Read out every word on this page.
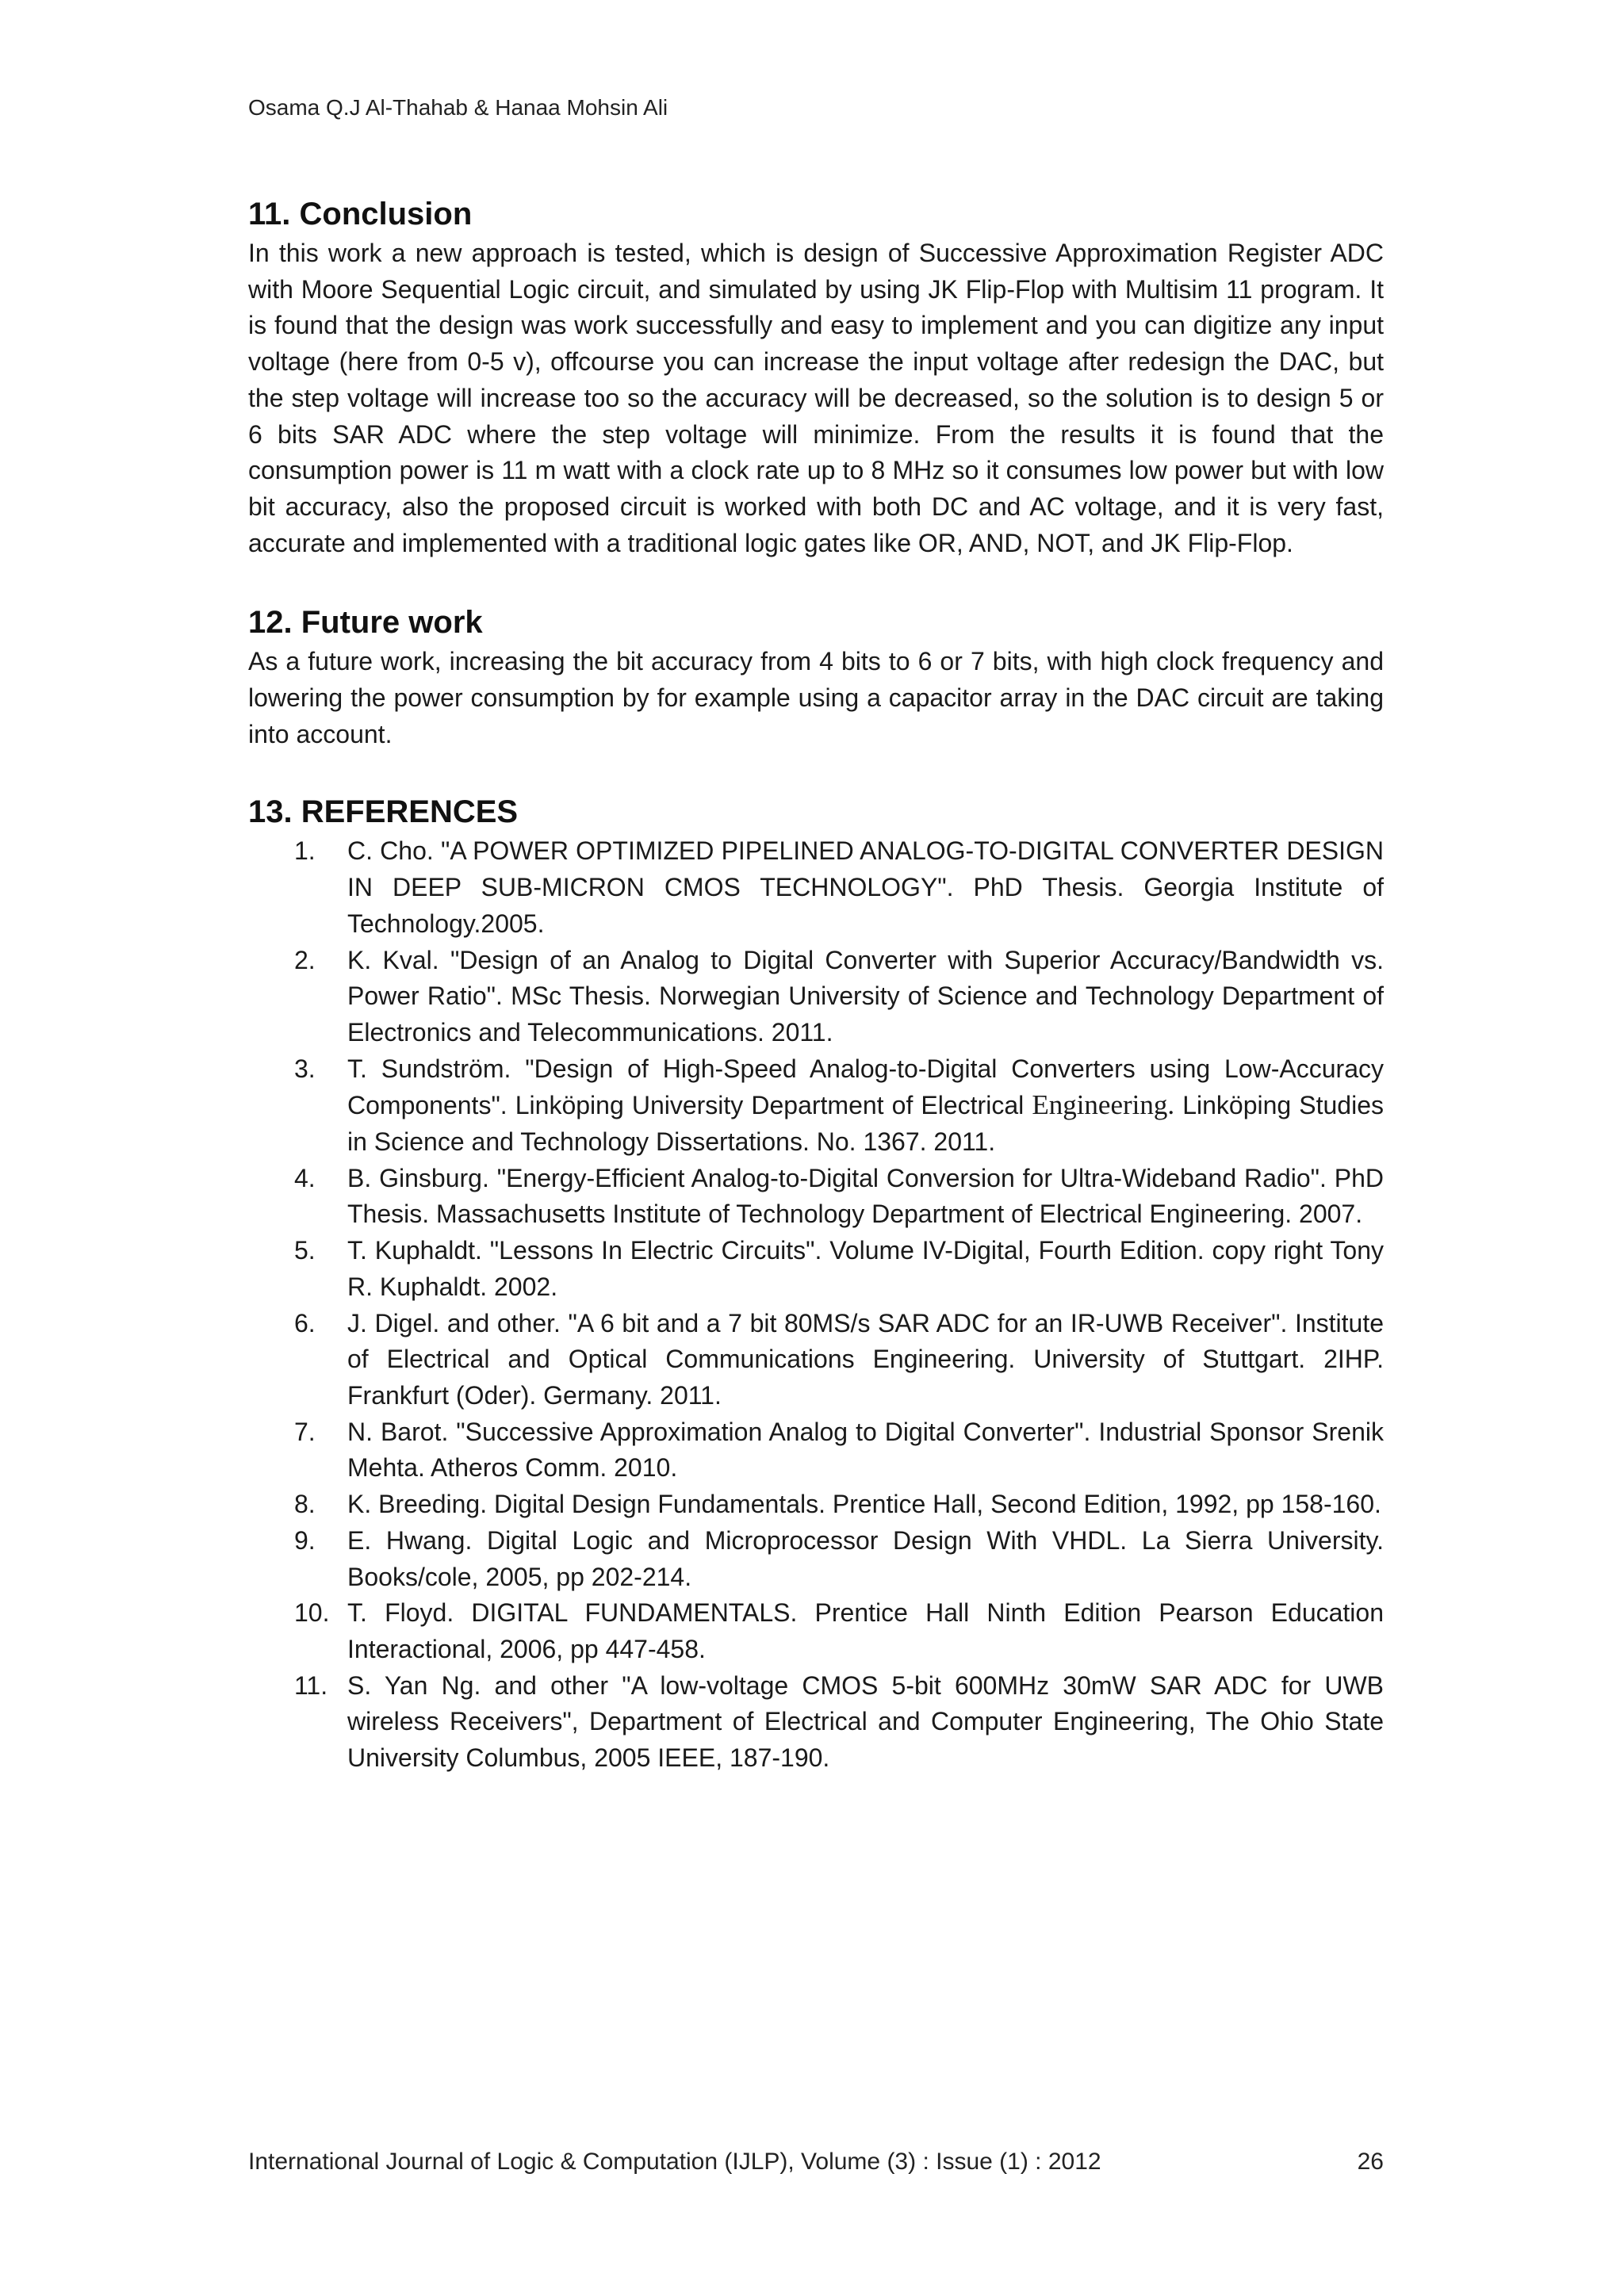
Osama Q.J Al-Thahab & Hanaa Mohsin Ali
11. Conclusion

In this work a new approach is tested, which is design of Successive Approximation Register ADC with Moore Sequential Logic circuit, and simulated by using JK Flip-Flop with Multisim 11 program. It is found that the design was work successfully and easy to implement and you can digitize any input voltage (here from 0-5 v), offcourse you can increase the input voltage after redesign the DAC, but the step voltage will increase too so the accuracy will be decreased, so the solution is to design 5 or 6 bits SAR ADC where the step voltage will minimize. From the results it is found that the consumption power is 11 m watt with a clock rate up to 8 MHz so it consumes low power but with low bit accuracy, also the proposed circuit is worked with both DC and AC voltage, and it is very fast, accurate and implemented with a traditional logic gates like OR, AND, NOT, and JK Flip-Flop.

12. Future work

As a future work, increasing the bit accuracy from 4 bits to 6 or 7 bits, with high clock frequency and lowering the power consumption by for example using a capacitor array in the DAC circuit are taking into account.

13. REFERENCES
1. C. Cho. "A POWER OPTIMIZED PIPELINED ANALOG-TO-DIGITAL CONVERTER DESIGN IN DEEP SUB-MICRON CMOS TECHNOLOGY". PhD Thesis. Georgia Institute of Technology.2005.
2. K. Kval. "Design of an Analog to Digital Converter with Superior Accuracy/Bandwidth vs. Power Ratio". MSc Thesis. Norwegian University of Science and Technology Department of Electronics and Telecommunications. 2011.
3. T. Sundström. "Design of High-Speed Analog-to-Digital Converters using Low-Accuracy Components". Linköping University Department of Electrical Engineering. Linköping Studies in Science and Technology Dissertations. No. 1367. 2011.
4. B. Ginsburg. "Energy-Efficient Analog-to-Digital Conversion for Ultra-Wideband Radio". PhD Thesis. Massachusetts Institute of Technology Department of Electrical Engineering. 2007.
5. T. Kuphaldt. "Lessons In Electric Circuits". Volume IV-Digital, Fourth Edition. copy right Tony R. Kuphaldt. 2002.
6. J. Digel. and other. "A 6 bit and a 7 bit 80MS/s SAR ADC for an IR-UWB Receiver". Institute of Electrical and Optical Communications Engineering. University of Stuttgart. 2IHP. Frankfurt (Oder). Germany. 2011.
7. N. Barot. "Successive Approximation Analog to Digital Converter". Industrial Sponsor Srenik Mehta. Atheros Comm. 2010.
8. K. Breeding. Digital Design Fundamentals. Prentice Hall, Second Edition, 1992, pp 158-160.
9. E. Hwang. Digital Logic and Microprocessor Design With VHDL. La Sierra University. Books/cole, 2005, pp 202-214.
10. T. Floyd. DIGITAL FUNDAMENTALS. Prentice Hall Ninth Edition Pearson Education Interactional, 2006, pp 447-458.
11. S. Yan Ng. and other "A low-voltage CMOS 5-bit 600MHz 30mW SAR ADC for UWB wireless Receivers", Department of Electrical and Computer Engineering, The Ohio State University Columbus, 2005 IEEE, 187-190.
International Journal of Logic & Computation (IJLP), Volume (3) : Issue (1) : 2012	26
